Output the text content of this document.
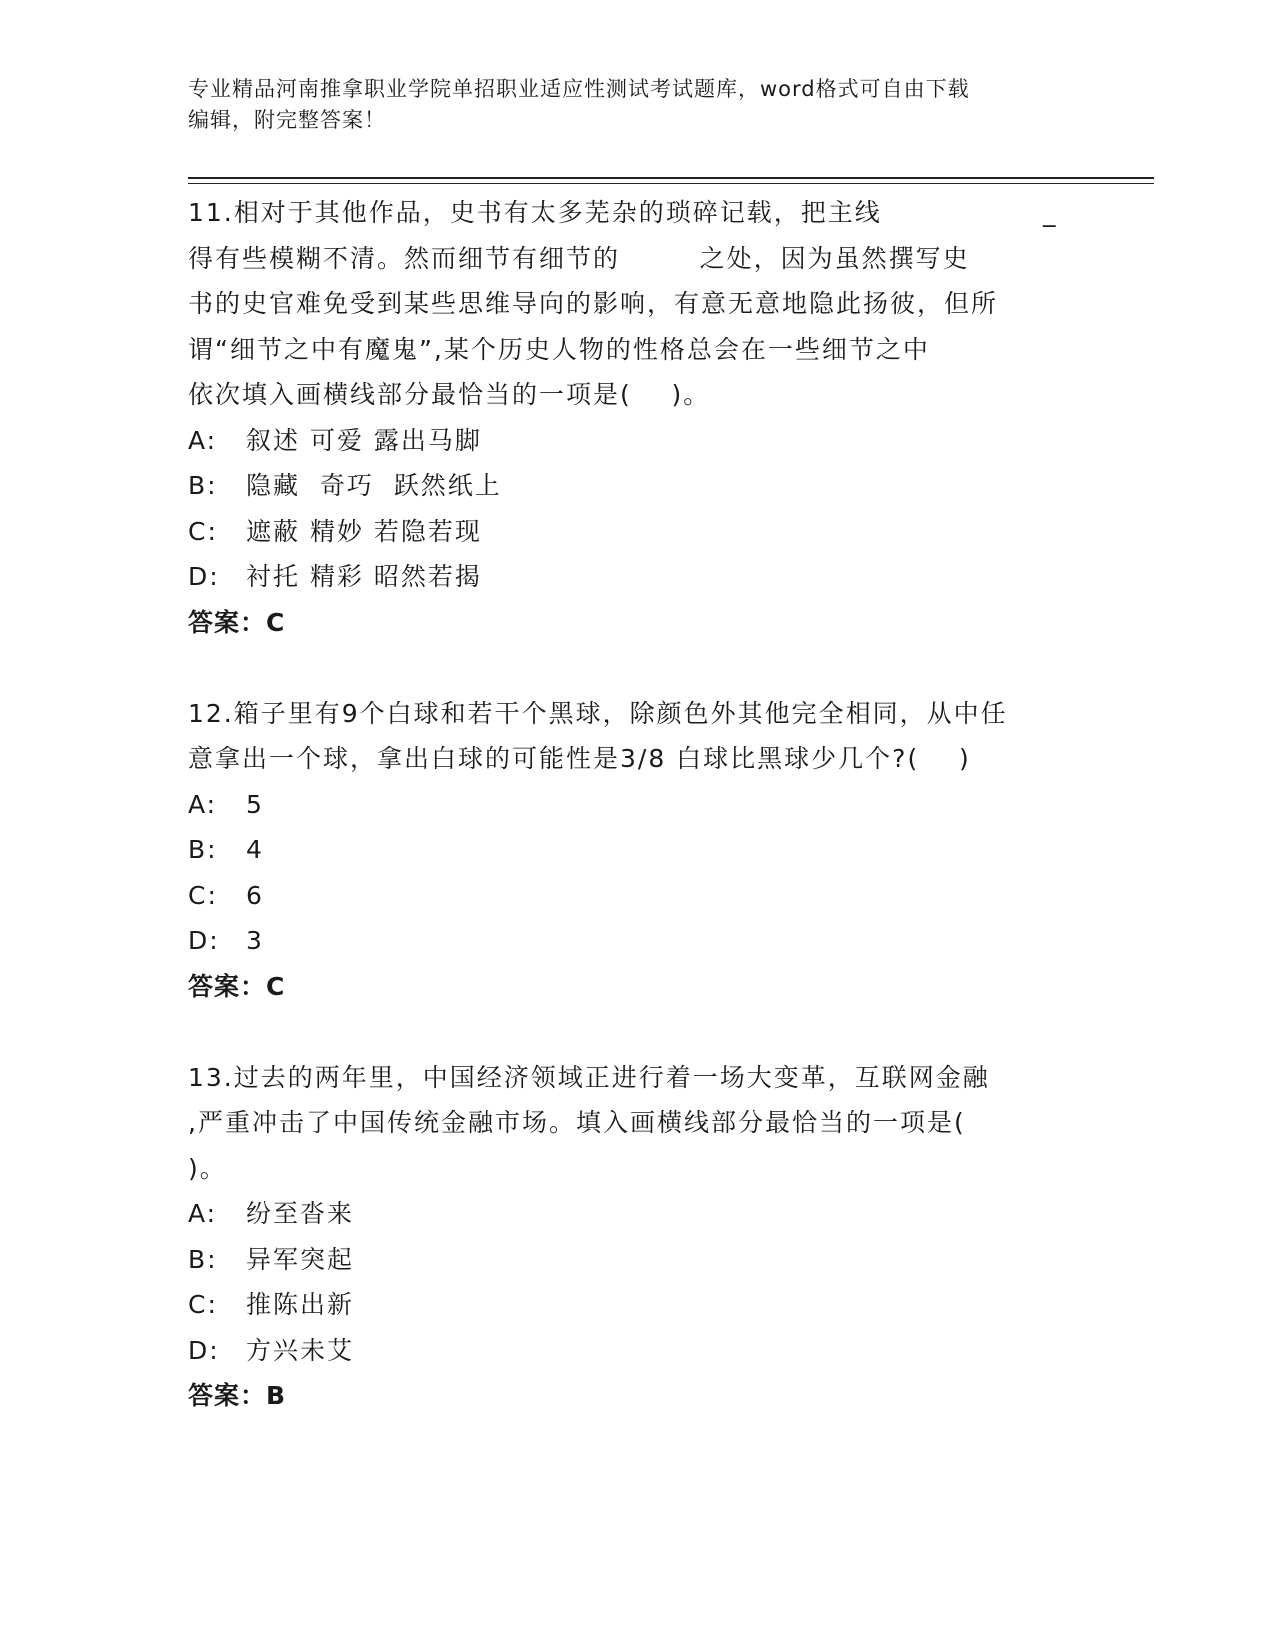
专业精品河南推拿职业学院单招职业适应性测试考试题库，word格式可自由下载
编辑，附完整答案！
11.相对于其他作品，史书有太多芜杂的琐碎记载，把主线	_
得有些模糊不清。然而细节有细节的        之处，因为虽然撰写史
书的史官难免受到某些思维导向的影响，有意无意地隐此扬彼，但所
谓“细节之中有魔鬼”,某个历史人物的性格总会在一些细节之中
依次填入画横线部分最恰当的一项是(    )。
A: 叙述 可爱 露出马脚
B: 隐藏  奇巧  跃然纸上
C: 遮蔽 精妙 若隐若现
D: 衬托 精彩 昭然若揭
答案：C
12.箱子里有9个白球和若干个黑球，除颜色外其他完全相同，从中任
意拿出一个球，拿出白球的可能性是3/8 白球比黑球少几个?(    )
A: 5
B: 4
C: 6
D: 3
答案：C
13.过去的两年里，中国经济领域正进行着一场大变革，互联网金融
,严重冲击了中国传统金融市场。填入画横线部分最恰当的一项是(
)。
A: 纷至沓来
B: 异军突起
C: 推陈出新
D: 方兴未艾
答案：B
